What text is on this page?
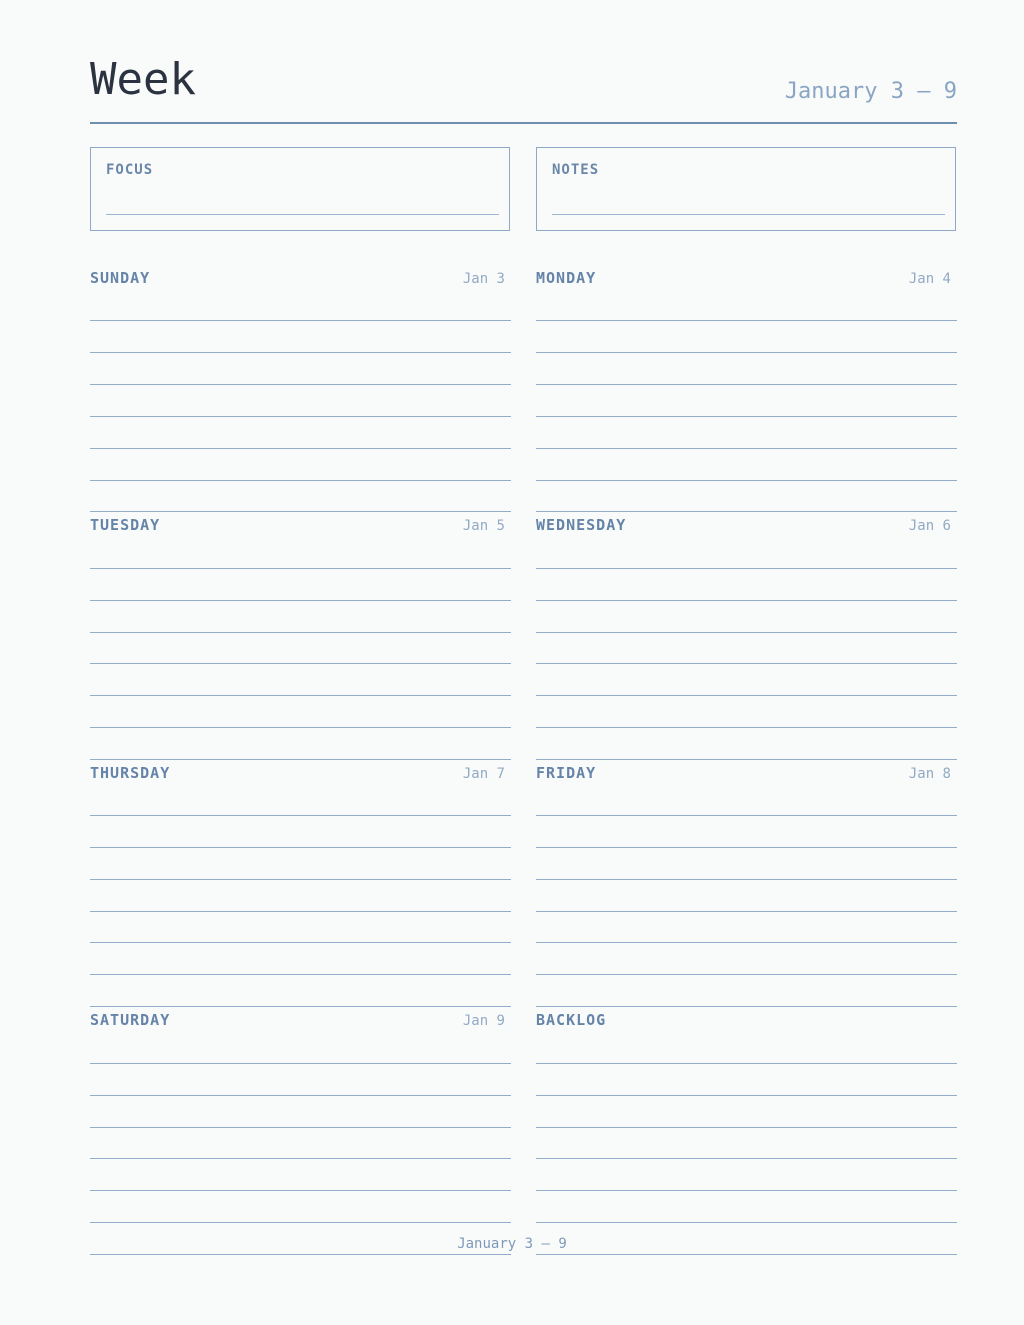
Week	January 3 – 9
FOCUS	NOTES
SUNDAY	Jan 3 MONDAY	Jan 4
TUESDAY	Jan 5 WEDNESDAY	Jan 6
THURSDAY	Jan 7 FRIDAY	Jan 8
SATURDAY	Jan 9 BACKLOG
January 3 – 9
